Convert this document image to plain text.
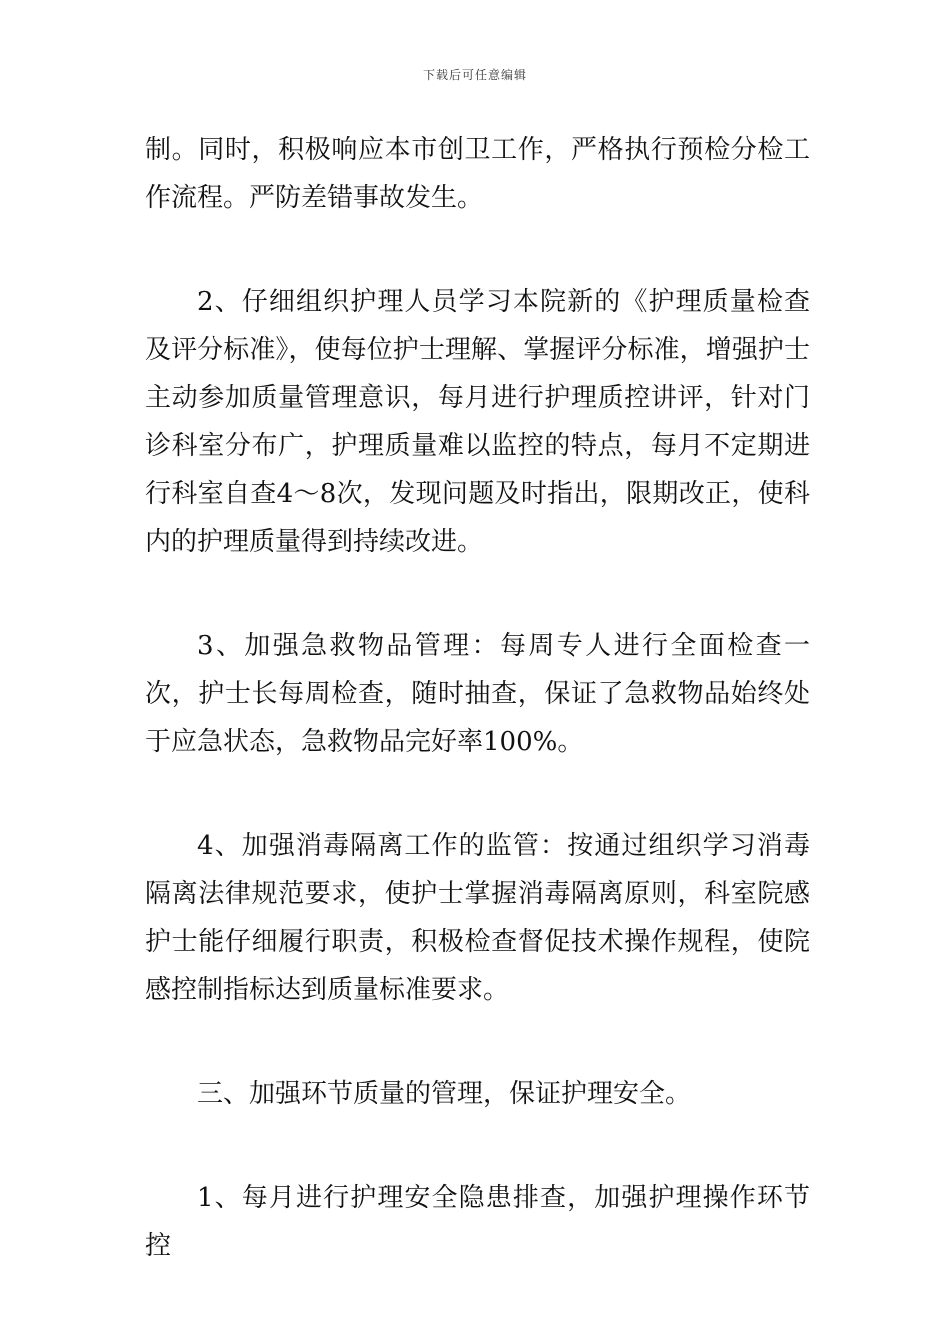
下载后可任意编辑

制。同时，积极响应本市创卫工作，严格执行预检分检工作流程。严防差错事故发生。

2、仔细组织护理人员学习本院新的《护理质量检查及评分标准》，使每位护士理解、掌握评分标准，增强护士主动参加质量管理意识，每月进行护理质控讲评，针对门诊科室分布广，护理质量难以监控的特点，每月不定期进行科室自查4～8次，发现问题及时指出，限期改正，使科内的护理质量得到持续改进。

3、加强急救物品管理：每周专人进行全面检查一次，护士长每周检查，随时抽查，保证了急救物品始终处于应急状态，急救物品完好率100%。

4、加强消毒隔离工作的监管：按通过组织学习消毒隔离法律规范要求，使护士掌握消毒隔离原则，科室院感护士能仔细履行职责，积极检查督促技术操作规程，使院感控制指标达到质量标准要求。

三、加强环节质量的管理，保证护理安全。

1、每月进行护理安全隐患排查，加强护理操作环节控
